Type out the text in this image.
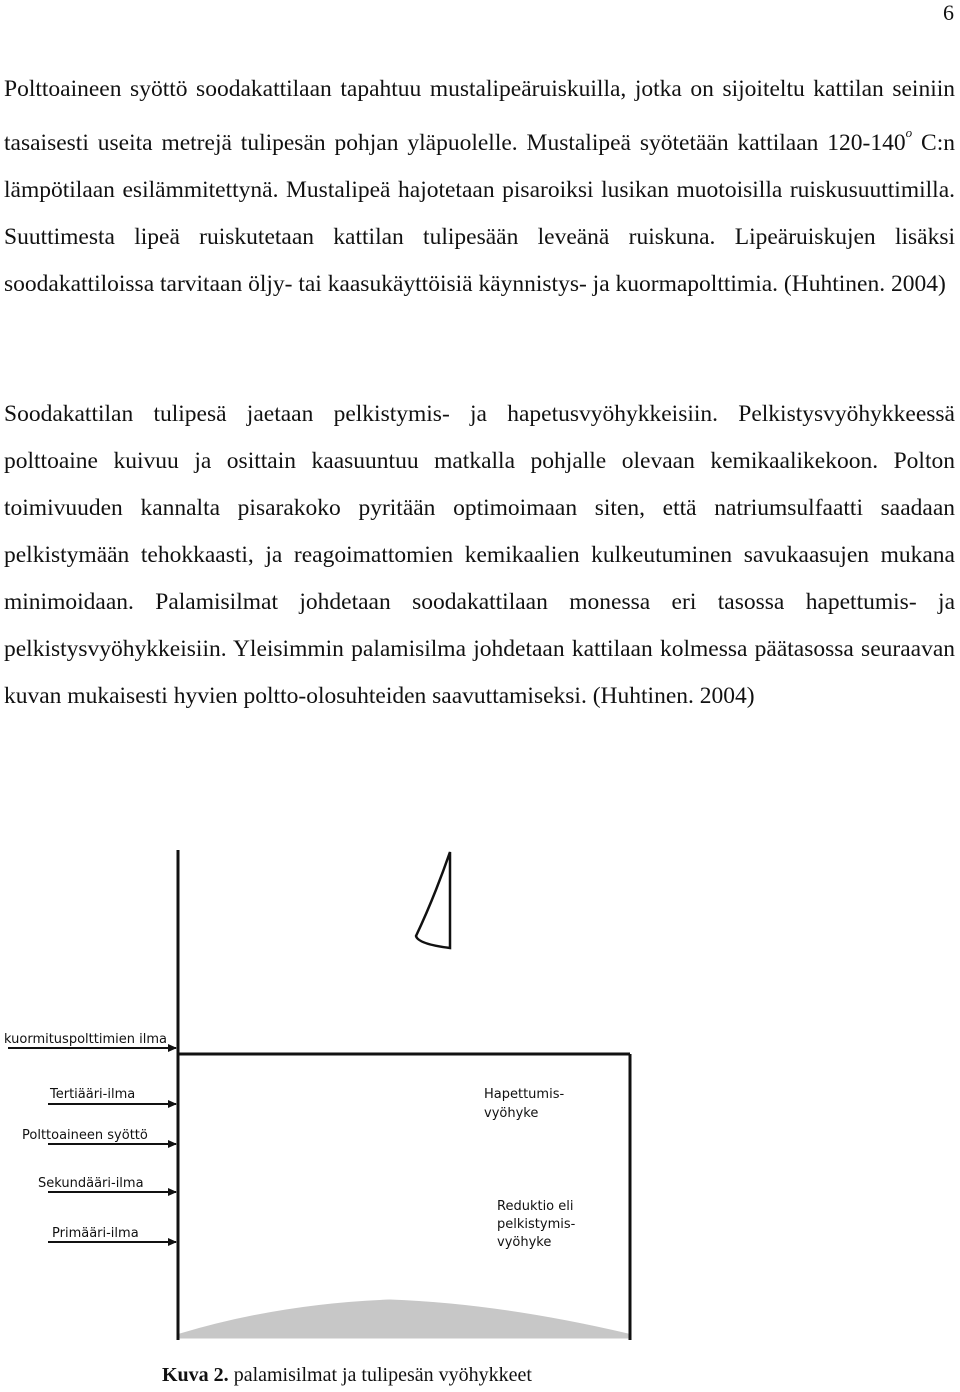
6

Polttoaineen syöttö soodakattilaan tapahtuu mustalipeäruiskuilla, jotka on sijoiteltu kattilan seiniin tasaisesti useita metrejä tulipesän pohjan yläpuolelle. Mustalipeä syötetään kattilaan 120-140$^o$ C:n lämpötilaan esilämmitettynä. Mustalipeä hajotetaan pisaroiksi lusikan muotoisilla ruiskusuuttimilla. Suuttimesta lipeä ruiskutetaan kattilan tulipesään leveänä ruiskuna. Lipeäruiskujen lisäksi soodakattiloissa tarvitaan öljy- tai kaasukäyttöisiä käynnistys- ja kuormapolttimia. (Huhtinen. 2004)

Soodakattilan tulipesä jaetaan pelkistymis- ja hapetusvyöhykkeisiin. Pelkistysvyöhykkeessä polttoaine kuivuu ja osittain kaasuuntuu matkalla pohjalle olevaan kemikaalikekoon. Polton toimivuuden kannalta pisarakoko pyritään optimoimaan siten, että natriumsulfaatti saadaan pelkistymään tehokkaasti, ja reagoimattomien kemikaalien kulkeutuminen savukaasujen mukana minimoidaan. Palamisilmat johdetaan soodakattilaan monessa eri tasossa hapettumis- ja pelkistysvyöhykkeisiin. Yleisimmin palamisilma johdetaan kattilaan kolmessa päätasossa seuraavan kuvan mukaisesti hyvien poltto-olosuhteiden saavuttamiseksi. (Huhtinen. 2004)

kuormituspolttimien ilma
Tertiääri-ilma
Polttoaineen syöttö
Sekundääri-ilma
Primääri-ilma
Hapettumis-
vyöhyke
Reduktio eli
pelkistymis-
vyöhyke
Kuva 2. palamisilmat ja tulipesän vyöhykkeet
